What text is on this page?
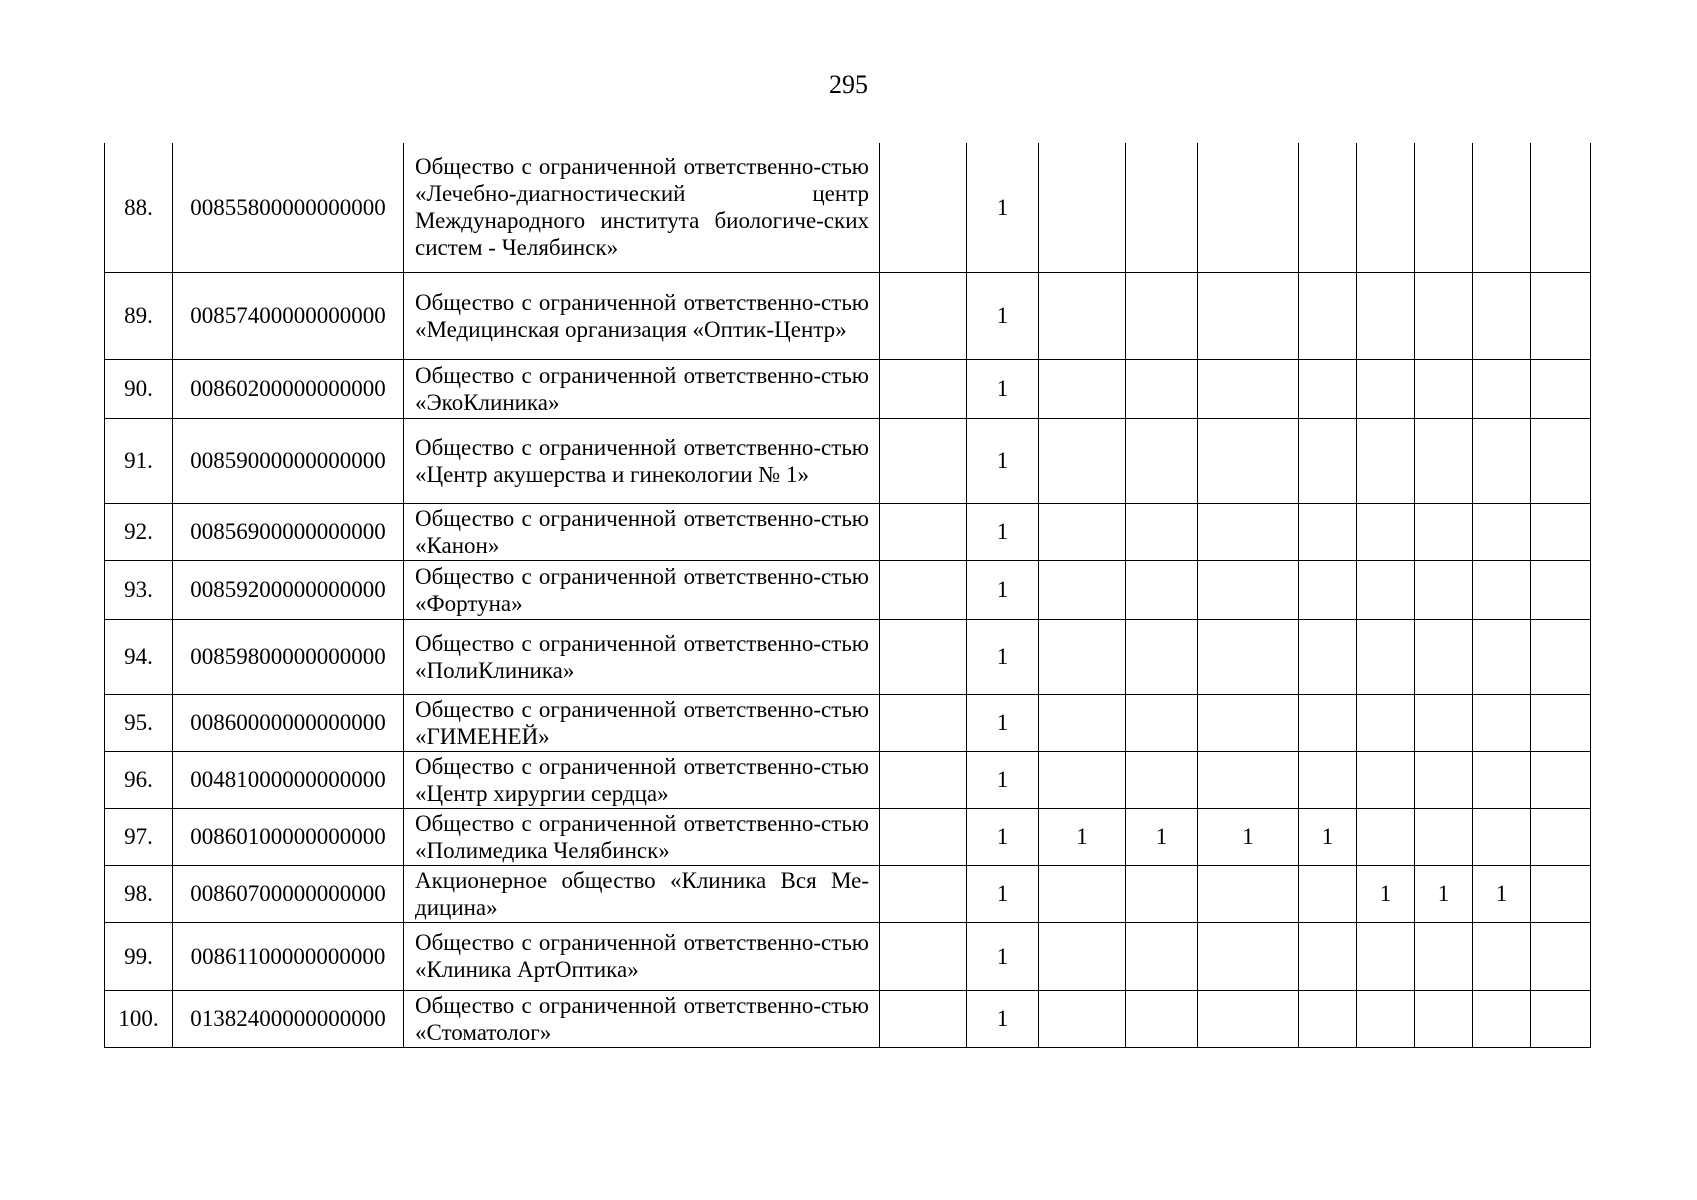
295
88.	00855800000000000	Общество с ограниченной ответственно-стью «Лечебно-диагностический центр Международного института биологиче-ских систем - Челябинск»		1								
89.	00857400000000000	Общество с ограниченной ответственно-стью «Медицинская организация «Оптик-Центр»		1								
90.	00860200000000000	Общество с ограниченной ответственно-стью «ЭкоКлиника»		1								
91.	00859000000000000	Общество с ограниченной ответственно-стью «Центр акушерства и гинекологии № 1»		1								
92.	00856900000000000	Общество с ограниченной ответственно-стью «Канон»		1								
93.	00859200000000000	Общество с ограниченной ответственно-стью «Фортуна»		1								
94.	00859800000000000	Общество с ограниченной ответственно-стью «ПолиКлиника»		1								
95.	00860000000000000	Общество с ограниченной ответственно-стью «ГИМЕНЕЙ»		1								
96.	00481000000000000	Общество с ограниченной ответственно-стью «Центр хирургии сердца»		1								
97.	00860100000000000	Общество с ограниченной ответственно-стью «Полимедика Челябинск»		1	1	1	1	1				
98.	00860700000000000	Акционерное общество «Клиника Вся Ме-дицина»		1					1	1	1	
99.	00861100000000000	Общество с ограниченной ответственно-стью «Клиника АртОптика»		1								
100.	01382400000000000	Общество с ограниченной ответственно-стью «Стоматолог»		1								
